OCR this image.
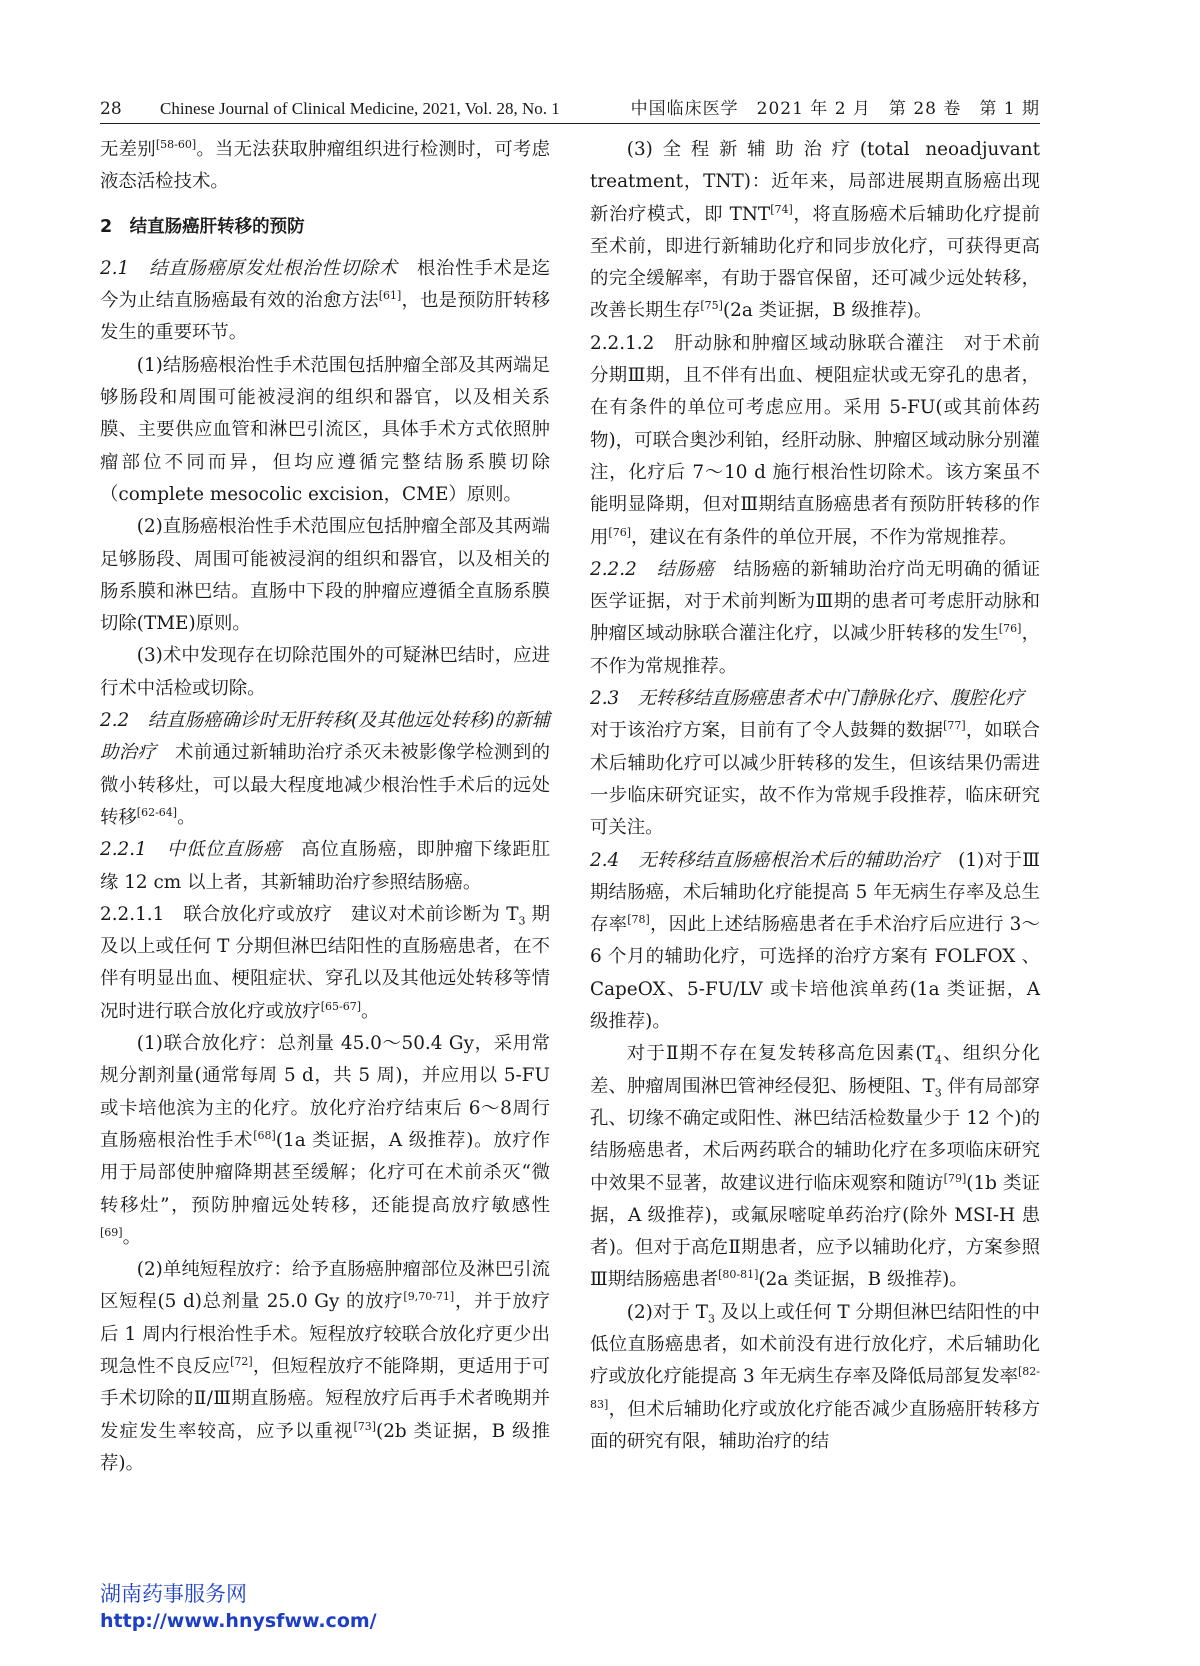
28	Chinese Journal of Clinical Medicine, 2021, Vol. 28, No. 1	中国临床医学　2021 年 2 月　第 28 卷　第 1 期

无差别[58-60]。当无法获取肿瘤组织进行检测时，可考虑液态活检技术。

2　结直肠癌肝转移的预防

2.1　结直肠癌原发灶根治性切除术　根治性手术是迄今为止结直肠癌最有效的治愈方法[61]，也是预防肝转移发生的重要环节。

(1)结肠癌根治性手术范围包括肿瘤全部及其两端足够肠段和周围可能被浸润的组织和器官，以及相关系膜、主要供应血管和淋巴引流区，具体手术方式依照肿瘤部位不同而异，但均应遵循完整结肠系膜切除（complete mesocolic excision，CME）原则。

(2)直肠癌根治性手术范围应包括肿瘤全部及其两端足够肠段、周围可能被浸润的组织和器官，以及相关的肠系膜和淋巴结。直肠中下段的肿瘤应遵循全直肠系膜切除(TME)原则。

(3)术中发现存在切除范围外的可疑淋巴结时，应进行术中活检或切除。

2.2　结直肠癌确诊时无肝转移(及其他远处转移)的新辅助治疗　术前通过新辅助治疗杀灭未被影像学检测到的微小转移灶，可以最大程度地减少根治性手术后的远处转移[62-64]。

2.2.1　中低位直肠癌　高位直肠癌，即肿瘤下缘距肛缘 12 cm 以上者，其新辅助治疗参照结肠癌。

2.2.1.1　联合放化疗或放疗　建议对术前诊断为 $T_3$ 期及以上或任何 T 分期但淋巴结阳性的直肠癌患者，在不伴有明显出血、梗阻症状、穿孔以及其他远处转移等情况时进行联合放化疗或放疗[65-67]。

(1)联合放化疗：总剂量 45.0～50.4 Gy，采用常规分割剂量(通常每周 5 d，共 5 周)，并应用以 5-FU或卡培他滨为主的化疗。放化疗治疗结束后 6～8周行直肠癌根治性手术[68](1a 类证据，A 级推荐)。放疗作用于局部使肿瘤降期甚至缓解；化疗可在术前杀灭“微转移灶”，预防肿瘤远处转移，还能提高放疗敏感性[69]。

(2)单纯短程放疗：给予直肠癌肿瘤部位及淋巴引流区短程(5 d)总剂量 25.0 Gy 的放疗[9,70-71]，并于放疗后 1 周内行根治性手术。短程放疗较联合放化疗更少出现急性不良反应[72]，但短程放疗不能降期，更适用于可手术切除的Ⅱ/Ⅲ期直肠癌。短程放疗后再手术者晚期并发症发生率较高，应予以重视[73](2b 类证据，B 级推荐)。

(3)全程新辅助治疗(total neoadjuvant treatment，TNT)：近年来，局部进展期直肠癌出现新治疗模式，即 TNT[74]，将直肠癌术后辅助化疗提前至术前，即进行新辅助化疗和同步放化疗，可获得更高的完全缓解率，有助于器官保留，还可减少远处转移，改善长期生存[75](2a 类证据，B 级推荐)。

2.2.1.2　肝动脉和肿瘤区域动脉联合灌注　对于术前分期Ⅲ期，且不伴有出血、梗阻症状或无穿孔的患者，在有条件的单位可考虑应用。采用 5-FU(或其前体药物)，可联合奥沙利铂，经肝动脉、肿瘤区域动脉分别灌注，化疗后 7～10 d 施行根治性切除术。该方案虽不能明显降期，但对Ⅲ期结直肠癌患者有预防肝转移的作用[76]，建议在有条件的单位开展，不作为常规推荐。

2.2.2　结肠癌　结肠癌的新辅助治疗尚无明确的循证医学证据，对于术前判断为Ⅲ期的患者可考虑肝动脉和肿瘤区域动脉联合灌注化疗，以减少肝转移的发生[76]，不作为常规推荐。

2.3　无转移结直肠癌患者术中门静脉化疗、腹腔化疗　对于该治疗方案，目前有了令人鼓舞的数据[77]，如联合术后辅助化疗可以减少肝转移的发生，但该结果仍需进一步临床研究证实，故不作为常规手段推荐，临床研究可关注。

2.4　无转移结直肠癌根治术后的辅助治疗　(1)对于Ⅲ期结肠癌，术后辅助化疗能提高 5 年无病生存率及总生存率[78]，因此上述结肠癌患者在手术治疗后应进行 3～6 个月的辅助化疗，可选择的治疗方案有 FOLFOX 、CapeOX、5-FU/LV 或卡培他滨单药(1a 类证据，A 级推荐)。

对于Ⅱ期不存在复发转移高危因素($T_4$、组织分化差、肿瘤周围淋巴管神经侵犯、肠梗阻、$T_3$ 伴有局部穿孔、切缘不确定或阳性、淋巴结活检数量少于 12 个)的结肠癌患者，术后两药联合的辅助化疗在多项临床研究中效果不显著，故建议进行临床观察和随访[79](1b 类证据，A 级推荐)，或氟尿嘧啶单药治疗(除外 MSI-H 患者)。但对于高危Ⅱ期患者，应予以辅助化疗，方案参照Ⅲ期结肠癌患者[80-81](2a 类证据，B 级推荐)。

(2)对于 $T_3$ 及以上或任何 T 分期但淋巴结阳性的中低位直肠癌患者，如术前没有进行放化疗，术后辅助化疗或放化疗能提高 3 年无病生存率及降低局部复发率[82-83]，但术后辅助化疗或放化疗能否减少直肠癌肝转移方面的研究有限，辅助治疗的结

湖南药事服务网
http://www.hnysfww.com/
